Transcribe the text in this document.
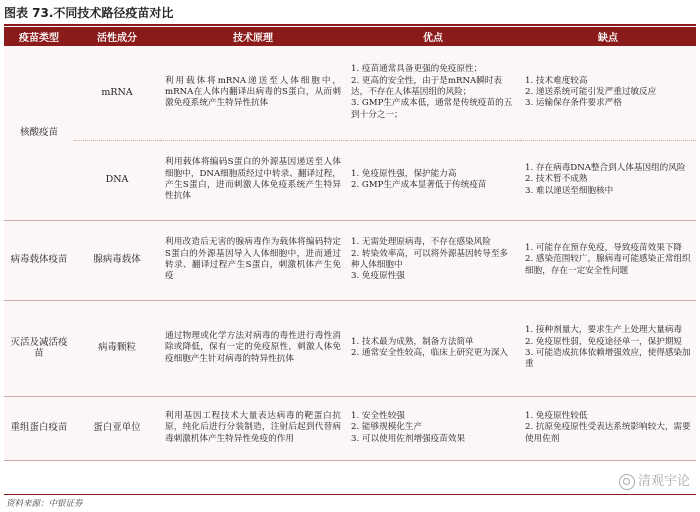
图表 73.不同技术路径疫苗对比
疫苗类型	活性成分	技术原理	优点	缺点
核酸疫苗	mRNA	利用载体将mRNA递送至人体细胞中，mRNA在人体内翻译出病毒的S蛋白，从而刺激免疫系统产生特异性抗体	1. 疫苗通常具备更强的免疫原性；
2. 更高的安全性，由于是mRNA瞬时表达，不存在人体基因组的风险；
3. GMP生产成本低，通常是传统疫苗的五到十分之一；	1. 技术难度较高
2. 递送系统可能引发严重过敏反应
3. 运输保存条件要求严格

	DNA	利用载体将编码S蛋白的外源基因递送至人体细胞中，DNA细胞质经过中转录、翻译过程，产生S蛋白，进而刺激人体免疫系统产生特异性抗体	1. 免疫原性强，保护能力高
2. GMP生产成本显著低于传统疫苗	1. 存在病毒DNA整合到人体基因组的风险
2. 技术暂不成熟
3. 难以递送至细胞核中

病毒载体疫苗	腺病毒载体	利用改造后无害的腺病毒作为载体将编码特定S蛋白的外源基因导入人体细胞中，进而通过转录、翻译过程产生S蛋白，刺激机体产生免疫	1. 无需处理原病毒，不存在感染风险
2. 转染效率高，可以将外源基因转导至多种人体细胞中
3. 免疫原性强	1. 可能存在预存免疫，导致疫苗效果下降
2. 感染范围较广，腺病毒可能感染正常组织细胞，存在一定安全性问题

灭活及减活疫苗	病毒颗粒	通过物理或化学方法对病毒的毒性进行毒性消除或降低，保有一定的免疫原性，刺激人体免疫细胞产生针对病毒的特异性抗体	1. 技术最为成熟，制备方法简单
2. 通常安全性较高，临床上研究更为深入	1. 接种剂量大，要求生产上处理大量病毒
2. 免疫原性弱，免疫途径单一，保护期短
3. 可能造成抗体依赖增强效应，使得感染加重

重组蛋白疫苗	蛋白亚单位	利用基因工程技术大量表达病毒的靶蛋白抗原，纯化后进行分装制造，注射后起到代替病毒刺激机体产生特异性免疫的作用	1. 安全性较强
2. 能够规模化生产
3. 可以使用佐剂增强疫苗效果	1. 免疫原性较低
2. 抗原免疫原性受表达系统影响较大，需要使用佐剂
清观宇论
资料来源：中银证券
